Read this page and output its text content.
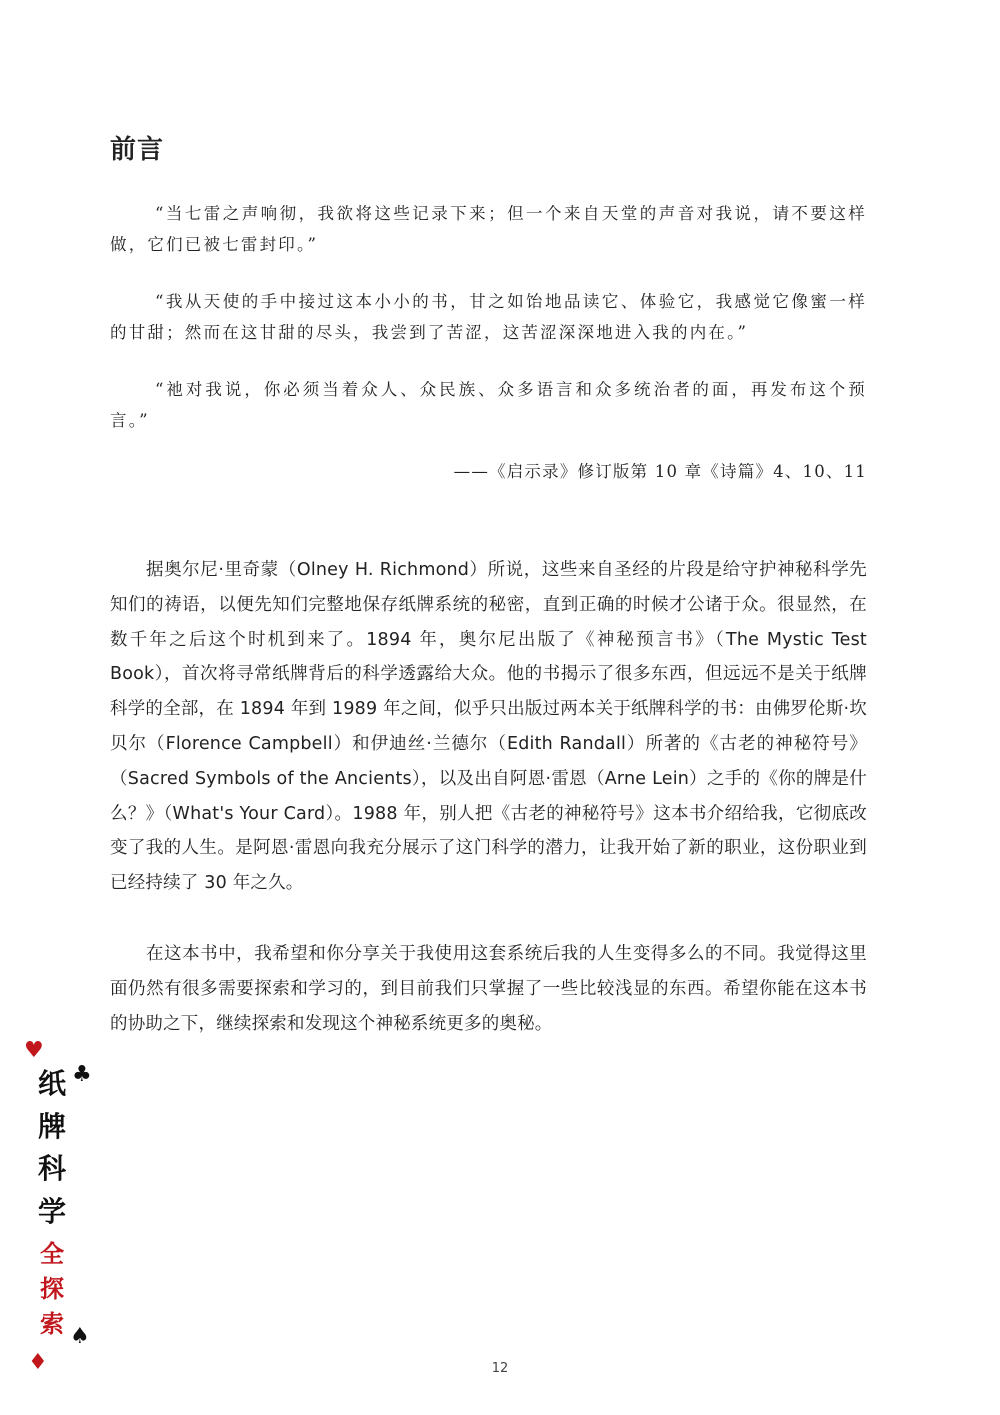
前言

“当七雷之声响彻，我欲将这些记录下来；但一个来自天堂的声音对我说，请不要这样做，它们已被七雷封印。”

“我从天使的手中接过这本小小的书，甘之如饴地品读它、体验它，我感觉它像蜜一样的甘甜；然而在这甘甜的尽头，我尝到了苦涩，这苦涩深深地进入我的内在。”

“祂对我说，你必须当着众人、众民族、众多语言和众多统治者的面，再发布这个预言。”

——《启示录》修订版第 10 章《诗篇》4、10、11

据奥尔尼·里奇蒙（Olney H. Richmond）所说，这些来自圣经的片段是给守护神秘科学先知们的祷语，以便先知们完整地保存纸牌系统的秘密，直到正确的时候才公诸于众。很显然，在数千年之后这个时机到来了。1894 年，奥尔尼出版了《神秘预言书》（The Mystic Test Book），首次将寻常纸牌背后的科学透露给大众。他的书揭示了很多东西，但远远不是关于纸牌科学的全部，在 1894 年到 1989 年之间，似乎只出版过两本关于纸牌科学的书：由佛罗伦斯·坎贝尔（Florence Campbell）和伊迪丝·兰德尔（Edith Randall）所著的《古老的神秘符号》（Sacred Symbols of the Ancients），以及出自阿恩·雷恩（Arne Lein）之手的《你的牌是什么？》（What's Your Card）。1988 年，别人把《古老的神秘符号》这本书介绍给我，它彻底改变了我的人生。是阿恩·雷恩向我充分展示了这门科学的潜力，让我开始了新的职业，这份职业到已经持续了 30 年之久。

在这本书中，我希望和你分享关于我使用这套系统后我的人生变得多么的不同。我觉得这里面仍然有很多需要探索和学习的，到目前我们只掌握了一些比较浅显的东西。希望你能在这本书的协助之下，继续探索和发现这个神秘系统更多的奥秘。

♥
♣
纸
牌
科
学
全
探
索 ♠
♦	12
